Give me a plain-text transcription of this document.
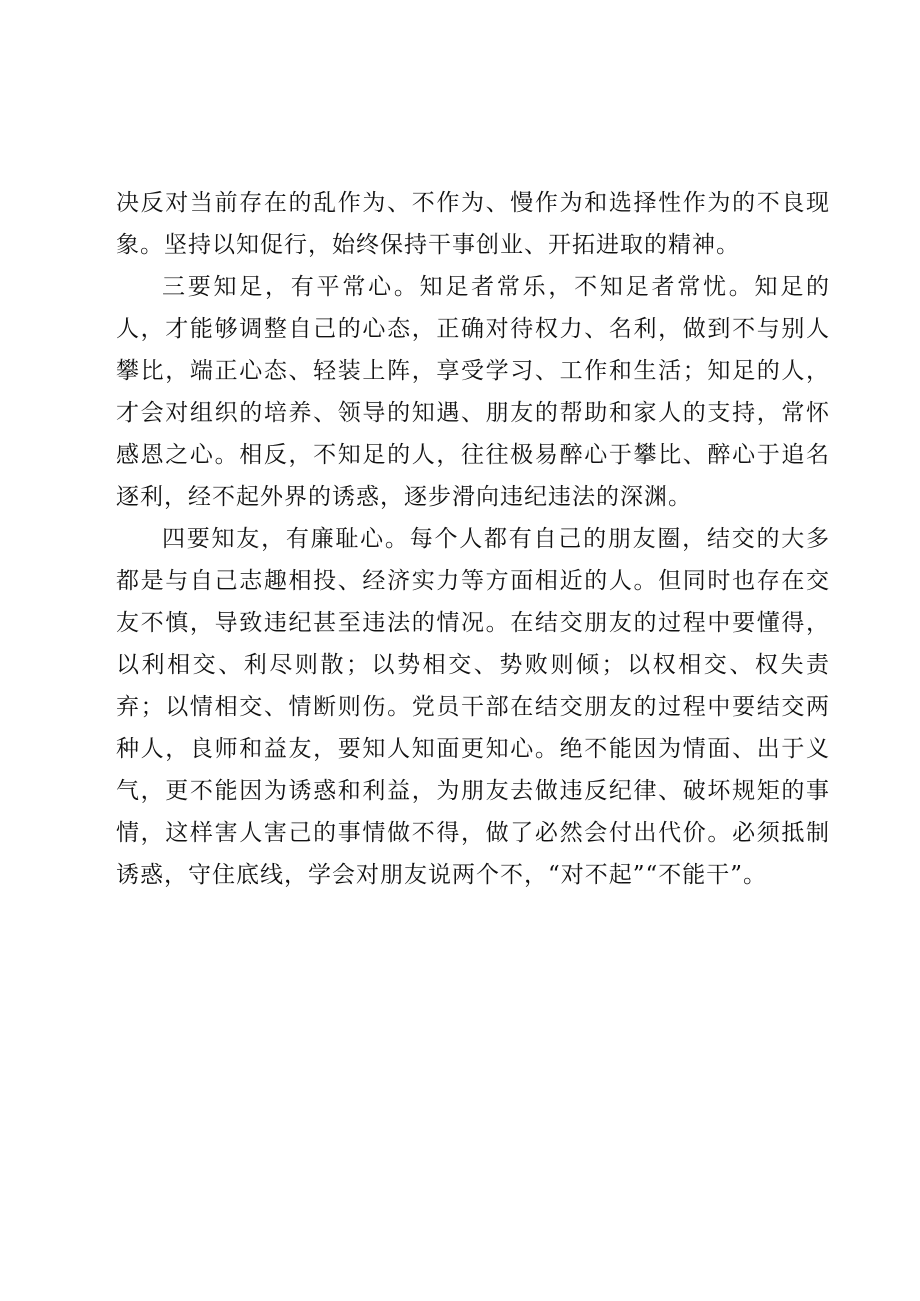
决反对当前存在的乱作为、不作为、慢作为和选择性作为的不良现象。坚持以知促行，始终保持干事创业、开拓进取的精神。

三要知足，有平常心。知足者常乐，不知足者常忧。知足的人，才能够调整自己的心态，正确对待权力、名利，做到不与别人攀比，端正心态、轻装上阵，享受学习、工作和生活；知足的人，才会对组织的培养、领导的知遇、朋友的帮助和家人的支持，常怀感恩之心。相反，不知足的人，往往极易醉心于攀比、醉心于追名逐利，经不起外界的诱惑，逐步滑向违纪违法的深渊。

四要知友，有廉耻心。每个人都有自己的朋友圈，结交的大多都是与自己志趣相投、经济实力等方面相近的人。但同时也存在交友不慎，导致违纪甚至违法的情况。在结交朋友的过程中要懂得，以利相交、利尽则散；以势相交、势败则倾；以权相交、权失责弃；以情相交、情断则伤。党员干部在结交朋友的过程中要结交两种人，良师和益友，要知人知面更知心。绝不能因为情面、出于义气，更不能因为诱惑和利益，为朋友去做违反纪律、破坏规矩的事情，这样害人害己的事情做不得，做了必然会付出代价。必须抵制诱惑，守住底线，学会对朋友说两个不，“对不起”“不能干”。
